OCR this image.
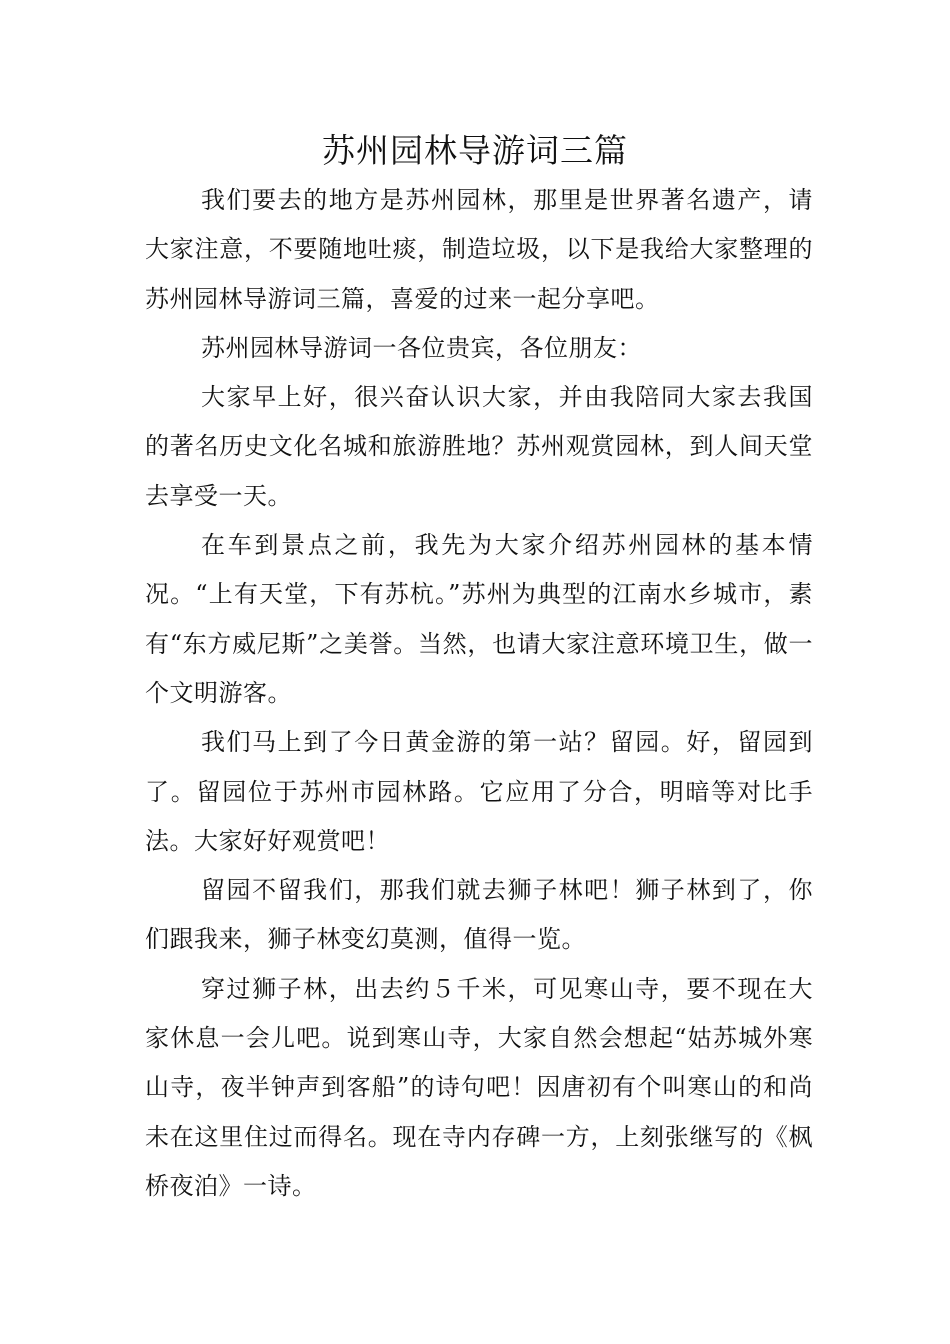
苏州园林导游词三篇

我们要去的地方是苏州园林，那里是世界著名遗产，请大家注意，不要随地吐痰，制造垃圾，以下是我给大家整理的苏州园林导游词三篇，喜爱的过来一起分享吧。

苏州园林导游词一各位贵宾，各位朋友：

大家早上好，很兴奋认识大家，并由我陪同大家去我国的著名历史文化名城和旅游胜地？苏州观赏园林，到人间天堂去享受一天。

在车到景点之前，我先为大家介绍苏州园林的基本情况。“上有天堂，下有苏杭。”苏州为典型的江南水乡城市，素有“东方威尼斯”之美誉。当然，也请大家注意环境卫生，做一个文明游客。

我们马上到了今日黄金游的第一站？留园。好，留园到了。留园位于苏州市园林路。它应用了分合，明暗等对比手法。大家好好观赏吧！

留园不留我们，那我们就去狮子林吧！狮子林到了，你们跟我来，狮子林变幻莫测，值得一览。

穿过狮子林，出去约５千米，可见寒山寺，要不现在大家休息一会儿吧。说到寒山寺，大家自然会想起“姑苏城外寒山寺，夜半钟声到客船”的诗句吧！因唐初有个叫寒山的和尚未在这里住过而得名。现在寺内存碑一方，上刻张继写的《枫桥夜泊》一诗。
